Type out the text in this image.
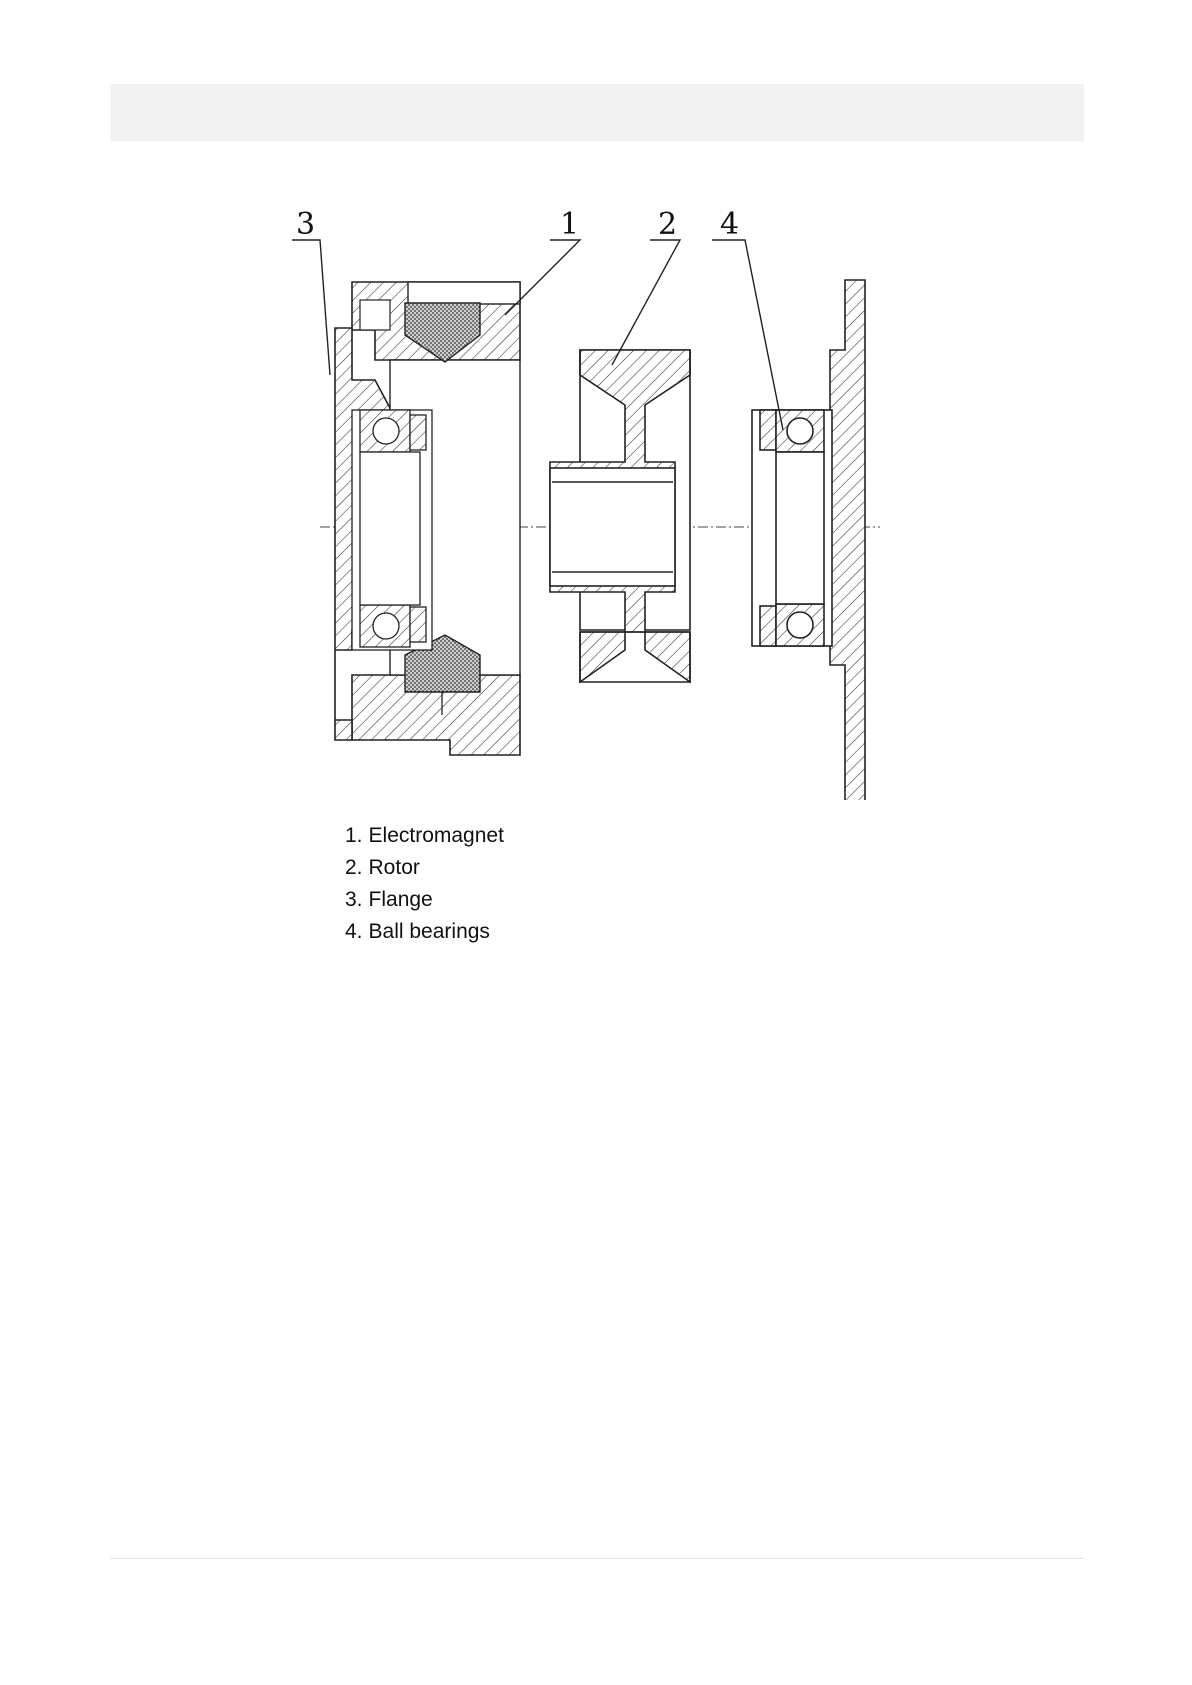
3	1	2 4
1. Electromagnet
2. Rotor
3. Flange
4. Ball bearings
